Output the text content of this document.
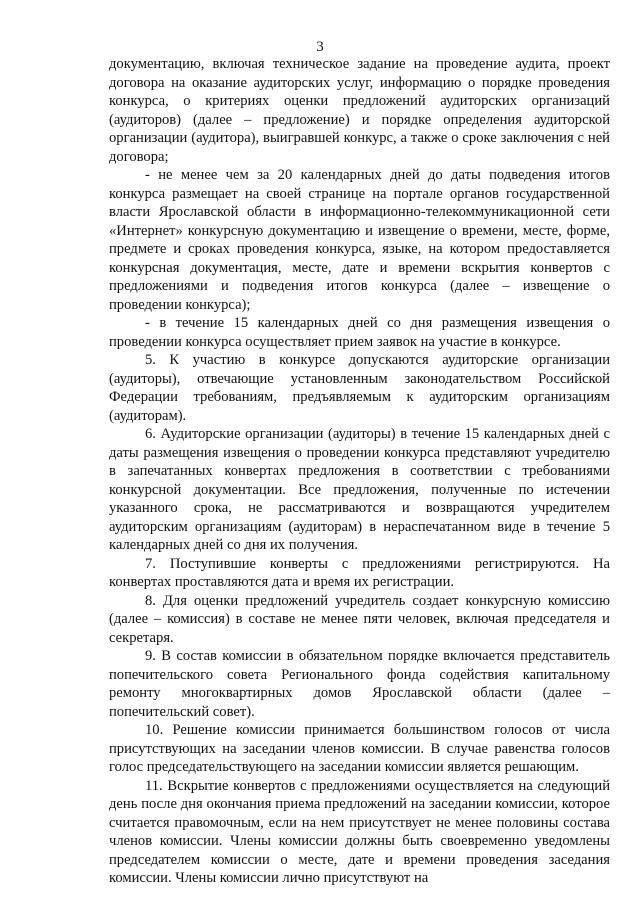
3

документацию, включая техническое задание на проведение аудита, проект договора на оказание аудиторских услуг, информацию о порядке проведения конкурса, о критериях оценки предложений аудиторских организаций (аудиторов) (далее – предложение) и порядке определения аудиторской организации (аудитора), выигравшей конкурс, а также о сроке заключения с ней договора;

- не менее чем за 20 календарных дней до даты подведения итогов конкурса размещает на своей странице на портале органов государственной власти Ярославской области в информационно-телекоммуникационной сети «Интернет» конкурсную документацию и извещение о времени, месте, форме, предмете и сроках проведения конкурса, языке, на котором предоставляется конкурсная документация, месте, дате и времени вскрытия конвертов с предложениями и подведения итогов конкурса (далее – извещение о проведении конкурса);

- в течение 15 календарных дней со дня размещения извещения о проведении конкурса осуществляет прием заявок на участие в конкурсе.

5. К участию в конкурсе допускаются аудиторские организации (аудиторы), отвечающие установленным законодательством Российской Федерации требованиям, предъявляемым к аудиторским организациям (аудиторам).

6. Аудиторские организации (аудиторы) в течение 15 календарных дней с даты размещения извещения о проведении конкурса представляют учредителю в запечатанных конвертах предложения в соответствии с требованиями конкурсной документации. Все предложения, полученные по истечении указанного срока, не рассматриваются и возвращаются учредителем аудиторским организациям (аудиторам) в нераспечатанном виде в течение 5 календарных дней со дня их получения.

7. Поступившие конверты с предложениями регистрируются. На конвертах проставляются дата и время их регистрации.

8. Для оценки предложений учредитель создает конкурсную комиссию (далее – комиссия) в составе не менее пяти человек, включая председателя и секретаря.

9. В состав комиссии в обязательном порядке включается представитель попечительского совета Регионального фонда содействия капитальному ремонту многоквартирных домов Ярославской области (далее – попечительский совет).

10. Решение комиссии принимается большинством голосов от числа присутствующих на заседании членов комиссии. В случае равенства голосов голос председательствующего на заседании комиссии является решающим.

11. Вскрытие конвертов с предложениями осуществляется на следующий день после дня окончания приема предложений на заседании комиссии, которое считается правомочным, если на нем присутствует не менее половины состава членов комиссии. Члены комиссии должны быть своевременно уведомлены председателем комиссии о месте, дате и времени проведения заседания комиссии. Члены комиссии лично присутствуют на
